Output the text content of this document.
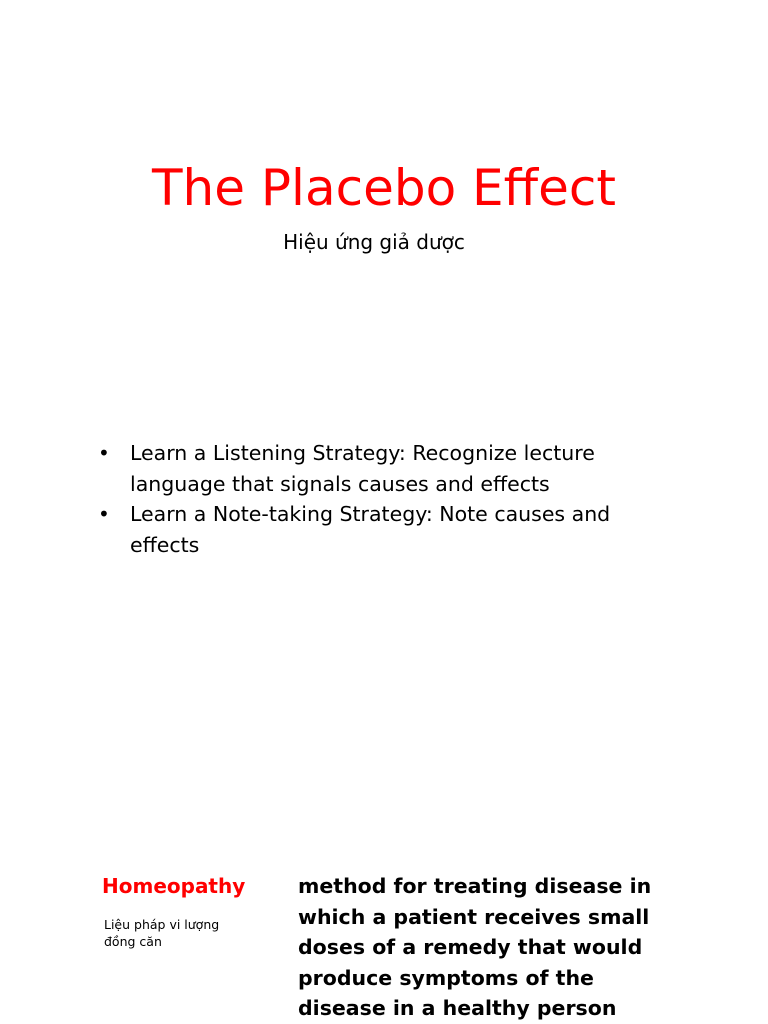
The Placebo Effect
Hiệu ứng giả dược
• Learn a Listening Strategy: Recognize lecture language that signals causes and effects
• Learn a Note-taking Strategy: Note causes and effects
Homeopathy
Liệu pháp vi lượng đồng căn
method for treating disease in which a patient receives small doses of a remedy that would produce symptoms of the disease in a healthy person
